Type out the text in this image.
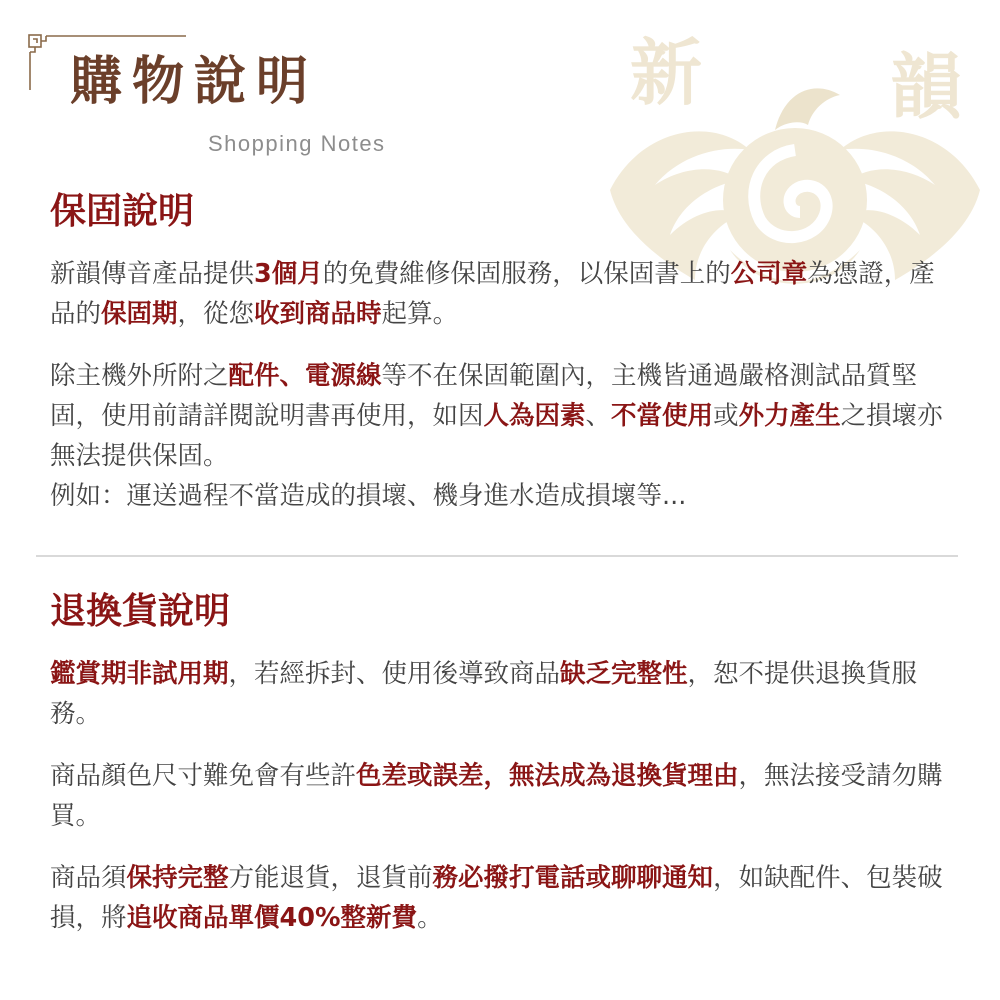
新	韻
購物說明
Shopping Notes
保固說明

新韻傳音產品提供3個月的免費維修保固服務，以保固書上的公司章為憑證，產品的保固期，從您收到商品時起算。

除主機外所附之配件、電源線等不在保固範圍內，主機皆通過嚴格測試品質堅固，使用前請詳閱說明書再使用，如因人為因素、不當使用或外力產生之損壞亦無法提供保固。

例如：運送過程不當造成的損壞、機身進水造成損壞等...

退換貨說明

鑑賞期非試用期，若經拆封、使用後導致商品缺乏完整性，恕不提供退換貨服務。

商品顏色尺寸難免會有些許色差或誤差，無法成為退換貨理由，無法接受請勿購買。

商品須保持完整方能退貨，退貨前務必撥打電話或聊聊通知，如缺配件、包裝破損，將追收商品單價40%整新費。
